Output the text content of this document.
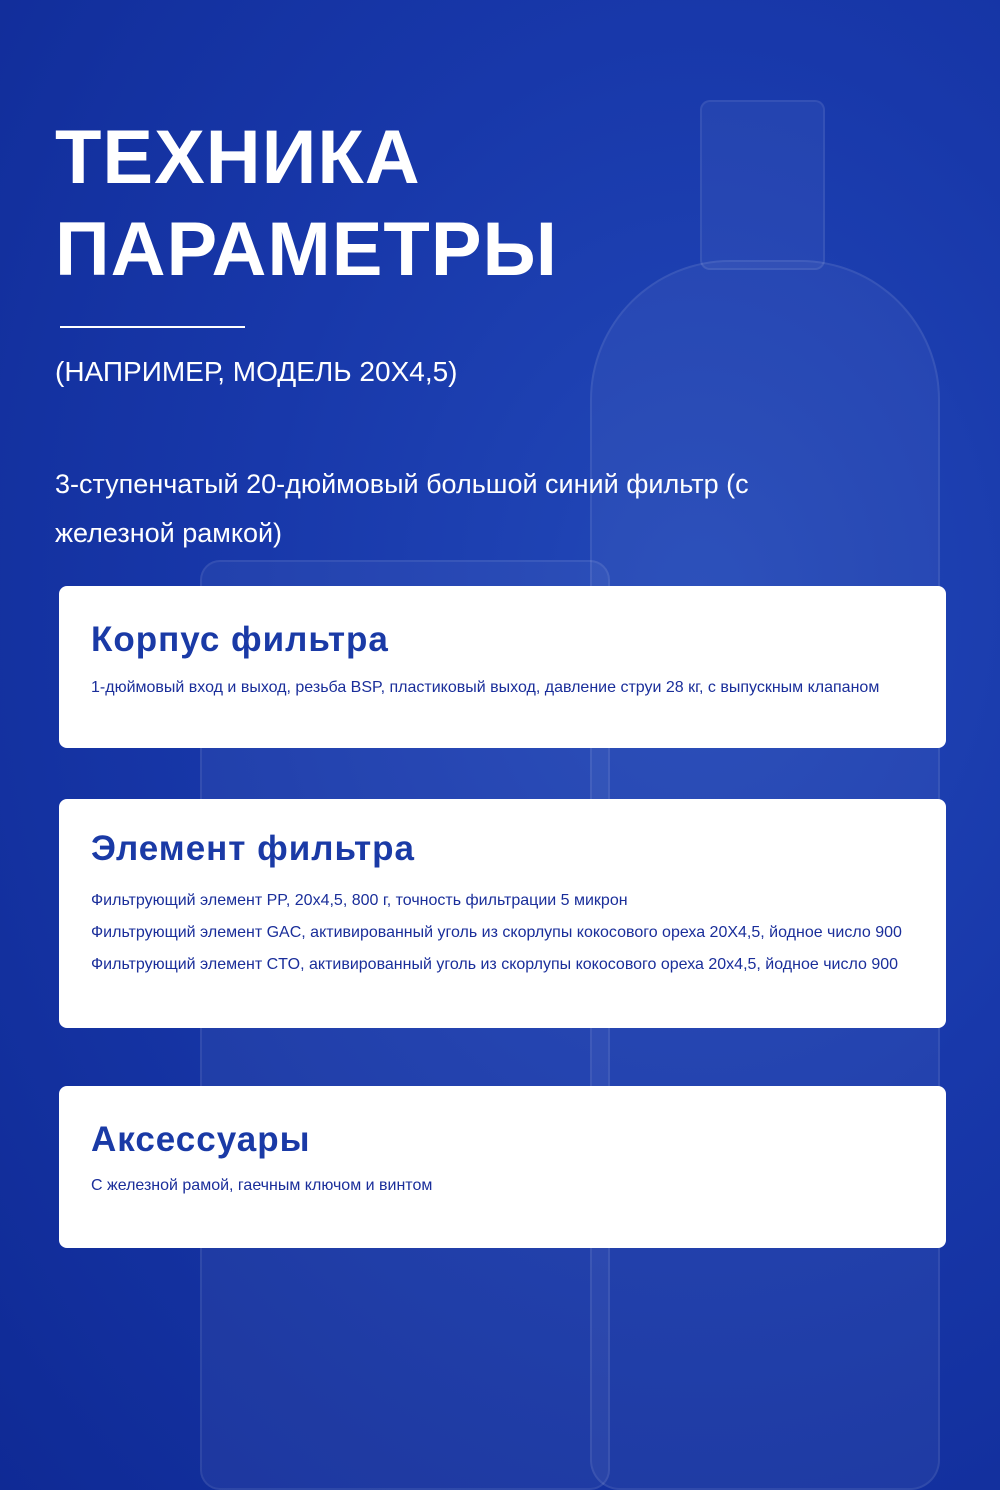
ТЕХНИКА
ПАРАМЕТРЫ
(НАПРИМЕР, МОДЕЛЬ 20X4,5)
3-ступенчатый 20-дюймовый большой синий фильтр (с железной рамкой)
Корпус фильтра

1-дюймовый вход и выход, резьба BSP, пластиковый выход, давление струи 28 кг, с выпускным клапаном

Элемент фильтра

Фильтрующий элемент PP, 20x4,5, 800 г, точность фильтрации 5 микрон

Фильтрующий элемент GAC, активированный уголь из скорлупы кокосового ореха 20X4,5, йодное число 900

Фильтрующий элемент CTO, активированный уголь из скорлупы кокосового ореха 20x4,5, йодное число 900

Аксессуары

С железной рамой, гаечным ключом и винтом
